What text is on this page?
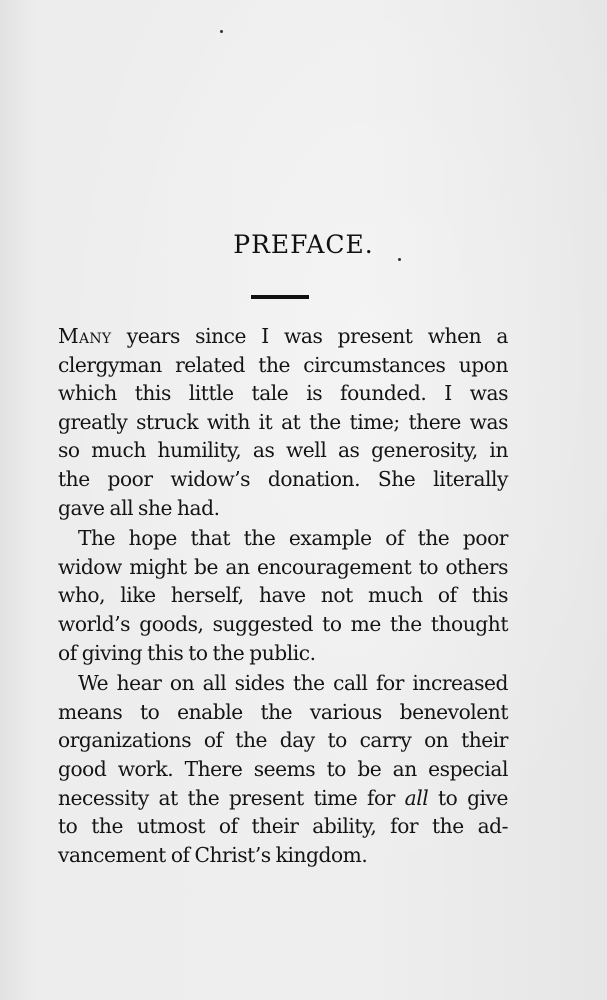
PREFACE.
Many years since I was present when a
clergyman related the circumstances upon
which this little tale is founded. I was
greatly struck with it at the time; there was
so much humility, as well as generosity, in
the poor widow’s donation. She literally
gave all she had.
The hope that the example of the poor
widow might be an encouragement to others
who, like herself, have not much of this
world’s goods, suggested to me the thought
of giving this to the public.
We hear on all sides the call for increased
means to enable the various benevolent
organizations of the day to carry on their
good work. There seems to be an especial
necessity at the present time for all to give
to the utmost of their ability, for the ad-
vancement of Christ’s kingdom.
